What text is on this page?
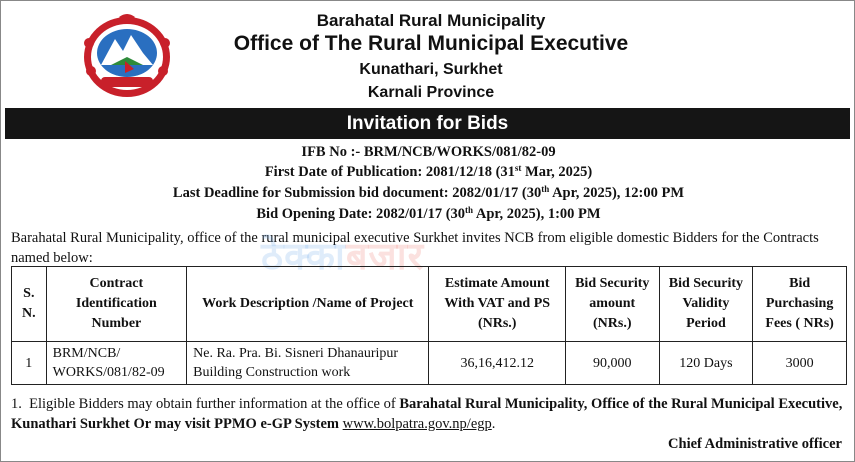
Barahatal Rural Municipality
Office of The Rural Municipal Executive
Kunathari, Surkhet
Karnali Province
Invitation for Bids
IFB No :- BRM/NCB/WORKS/081/82-09
First Date of Publication: 2081/12/18 (31st Mar, 2025)
Last Deadline for Submission bid document: 2082/01/17 (30th Apr, 2025), 12:00 PM
Bid Opening Date: 2082/01/17 (30th Apr, 2025), 1:00 PM
Barahatal Rural Municipality, office of the rural municipal executive Surkhet invites NCB from eligible domestic Bidders for the Contracts named below:	ठेक्काबजार
S. N.	Contract Identification Number	Work Description /Name of Project	Estimate Amount With VAT and PS (NRs.)	Bid Security amount (NRs.)	Bid Security Validity Period	Bid Purchasing Fees ( NRs)
1	BRM/NCB/ WORKS/081/82-09	Ne. Ra. Pra. Bi. Sisneri Dhanauripur Building Construction work	36,16,412.12	90,000	120 Days	3000
1. Eligible Bidders may obtain further information at the office of Barahatal Rural Municipality, Office of the Rural Municipal Executive, Kunathari Surkhet Or may visit PPMO e-GP System www.bolpatra.gov.np/egp.
Chief Administrative officer
